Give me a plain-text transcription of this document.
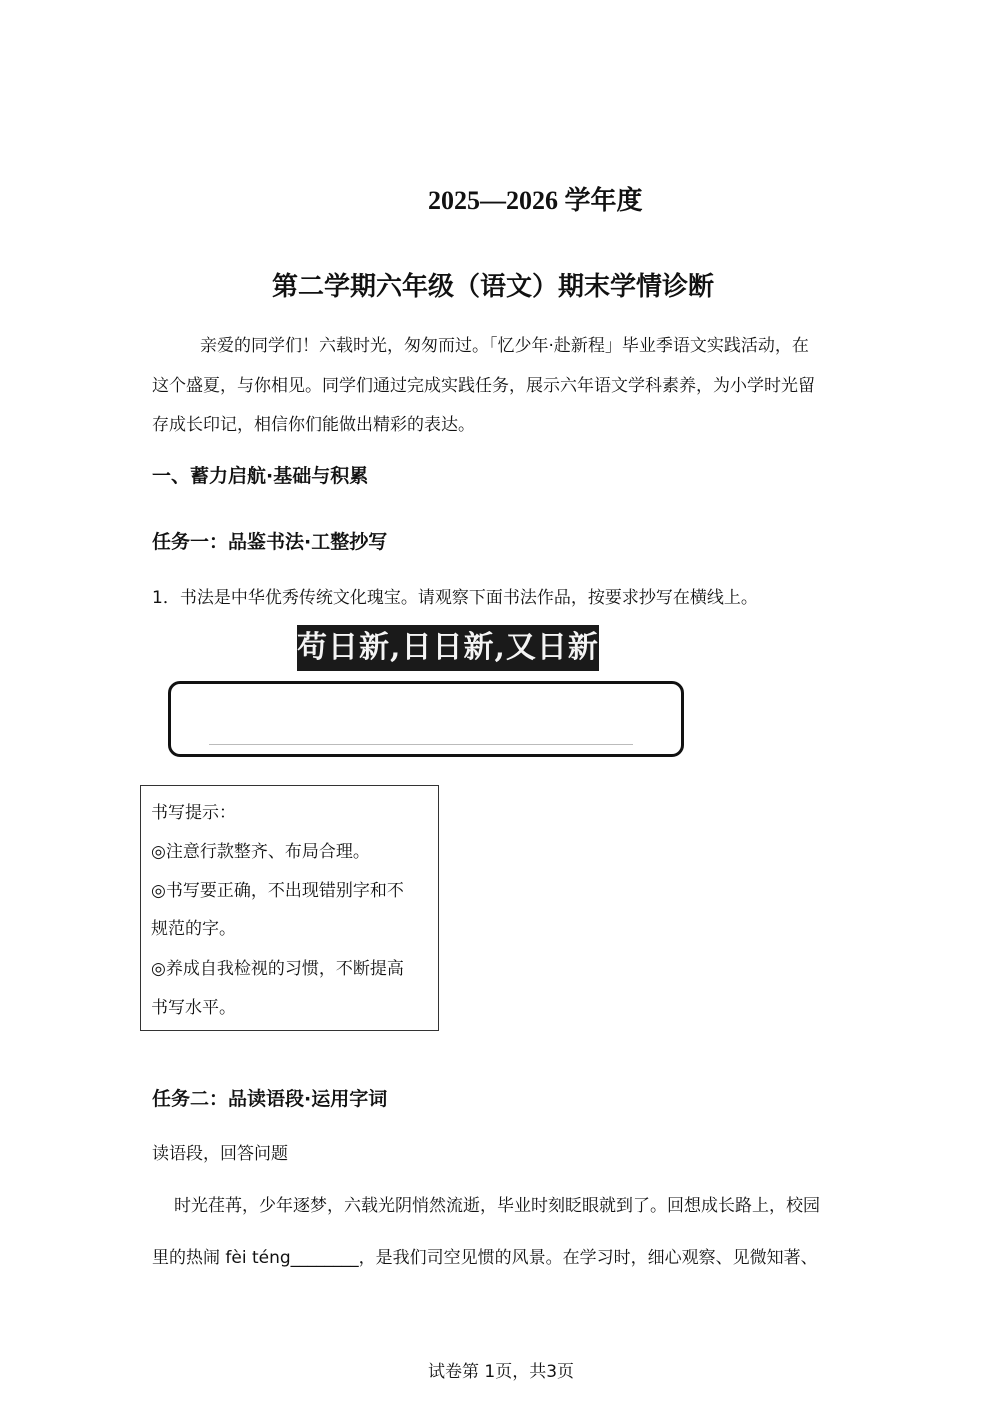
2025—2026 学年度
第二学期六年级（语文）期末学情诊断
亲爱的同学们！六载时光，匆匆而过。「忆少年·赴新程」毕业季语文实践活动，在
这个盛夏，与你相见。同学们通过完成实践任务，展示六年语文学科素养，为小学时光留
存成长印记，相信你们能做出精彩的表达。
一、蓄力启航·基础与积累
任务一：品鉴书法·工整抄写
1．书法是中华优秀传统文化瑰宝。请观察下面书法作品，按要求抄写在横线上。
苟日新,日日新,又日新
书写提示：
◎注意行款整齐、布局合理。
◎书写要正确，不出现错别字和不
规范的字。
◎养成自我检视的习惯，不断提高
书写水平。
任务二：品读语段·运用字词
读语段，回答问题
时光荏苒，少年逐梦，六载光阴悄然流逝，毕业时刻眨眼就到了。回想成长路上，校园
里的热闹 fèi téng________，是我们司空见惯的风景。在学习时，细心观察、见微知著、
试卷第 1页，共3页
